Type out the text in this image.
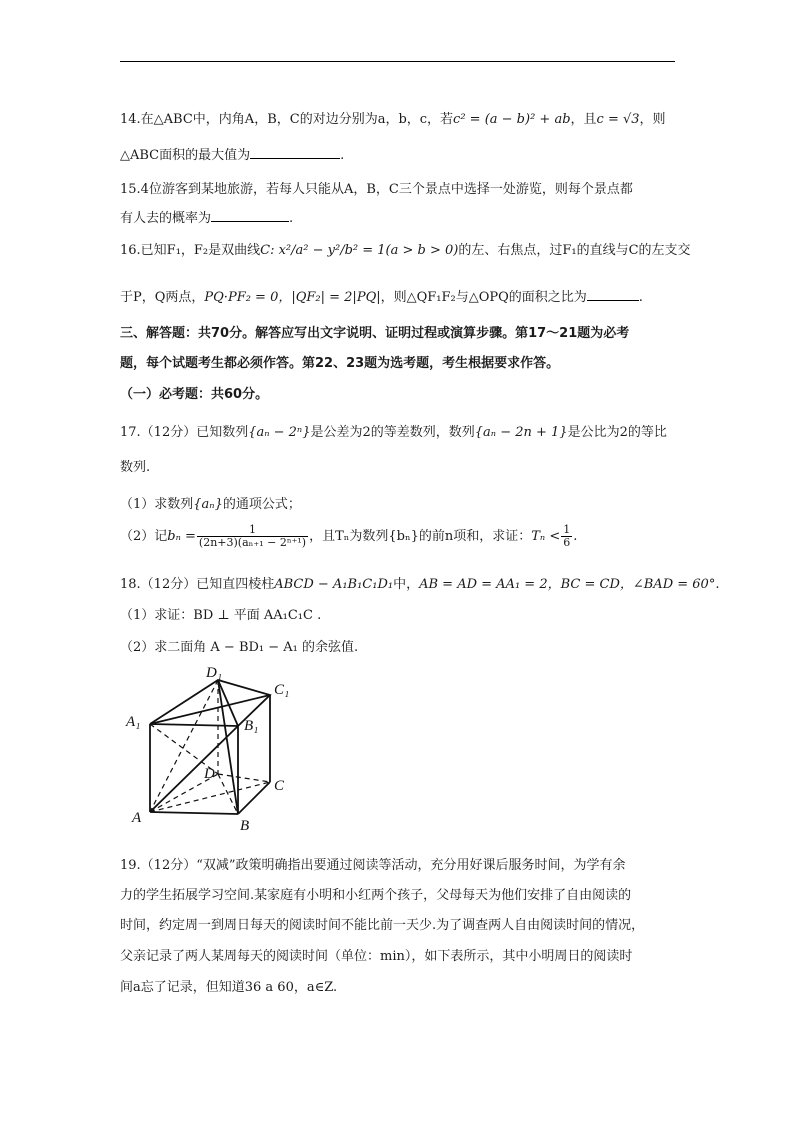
14.在△ABC中，内角A，B，C的对边分别为a，b，c，若c² = (a − b)² + ab，且c = √3，则
△ABC面积的最大值为	.
15.4位游客到某地旅游，若每人只能从A，B，C三个景点中选择一处游览，则每个景点都
有人去的概率为	.
16.已知F₁，F₂是双曲线C: x²/a² − y²/b² = 1(a > b > 0)的左、右焦点，过F₁的直线与C的左支交
于P，Q两点，PQ·PF₂ = 0，|QF₂| = 2|PQ|，则△QF₁F₂与△OPQ的面积之比为	.
三、解答题：共70分。解答应写出文字说明、证明过程或演算步骤。第17～21题为必考
题，每个试题考生都必须作答。第22、23题为选考题，考生根据要求作答。
（一）必考题：共60分。
17.（12分）已知数列{aₙ − 2ⁿ}是公差为2的等差数列，数列{aₙ − 2n + 1}是公比为2的等比
数列.
（1）求数列{aₙ}的通项公式；
（2）记$b_n = \frac{1}{\text{(2n+3)(aₙ₊₁ − 2ⁿ⁺¹)}}$ ，且Tₙ为数列{bₙ}的前n项和，求证：$T_n < \frac{1}{6}$ .
18.（12分）已知直四棱柱ABCD − A₁B₁C₁D₁中，AB = AD = AA₁ = 2，BC = CD，∠BAD = 60°.
（1）求证：BD ⊥ 平面 AA₁C₁C .
（2）求二面角 A − BD₁ − A₁ 的余弦值.
D₁
C₁
A₁	B₁
D
C
A	B
19.（12分）“双减”政策明确指出要通过阅读等活动，充分用好课后服务时间，为学有余
力的学生拓展学习空间.某家庭有小明和小红两个孩子，父母每天为他们安排了自由阅读的
时间，约定周一到周日每天的阅读时间不能比前一天少.为了调查两人自由阅读时间的情况，
父亲记录了两人某周每天的阅读时间（单位：min），如下表所示，其中小明周日的阅读时
间a忘了记录，但知道36 a 60，a∈Z.
